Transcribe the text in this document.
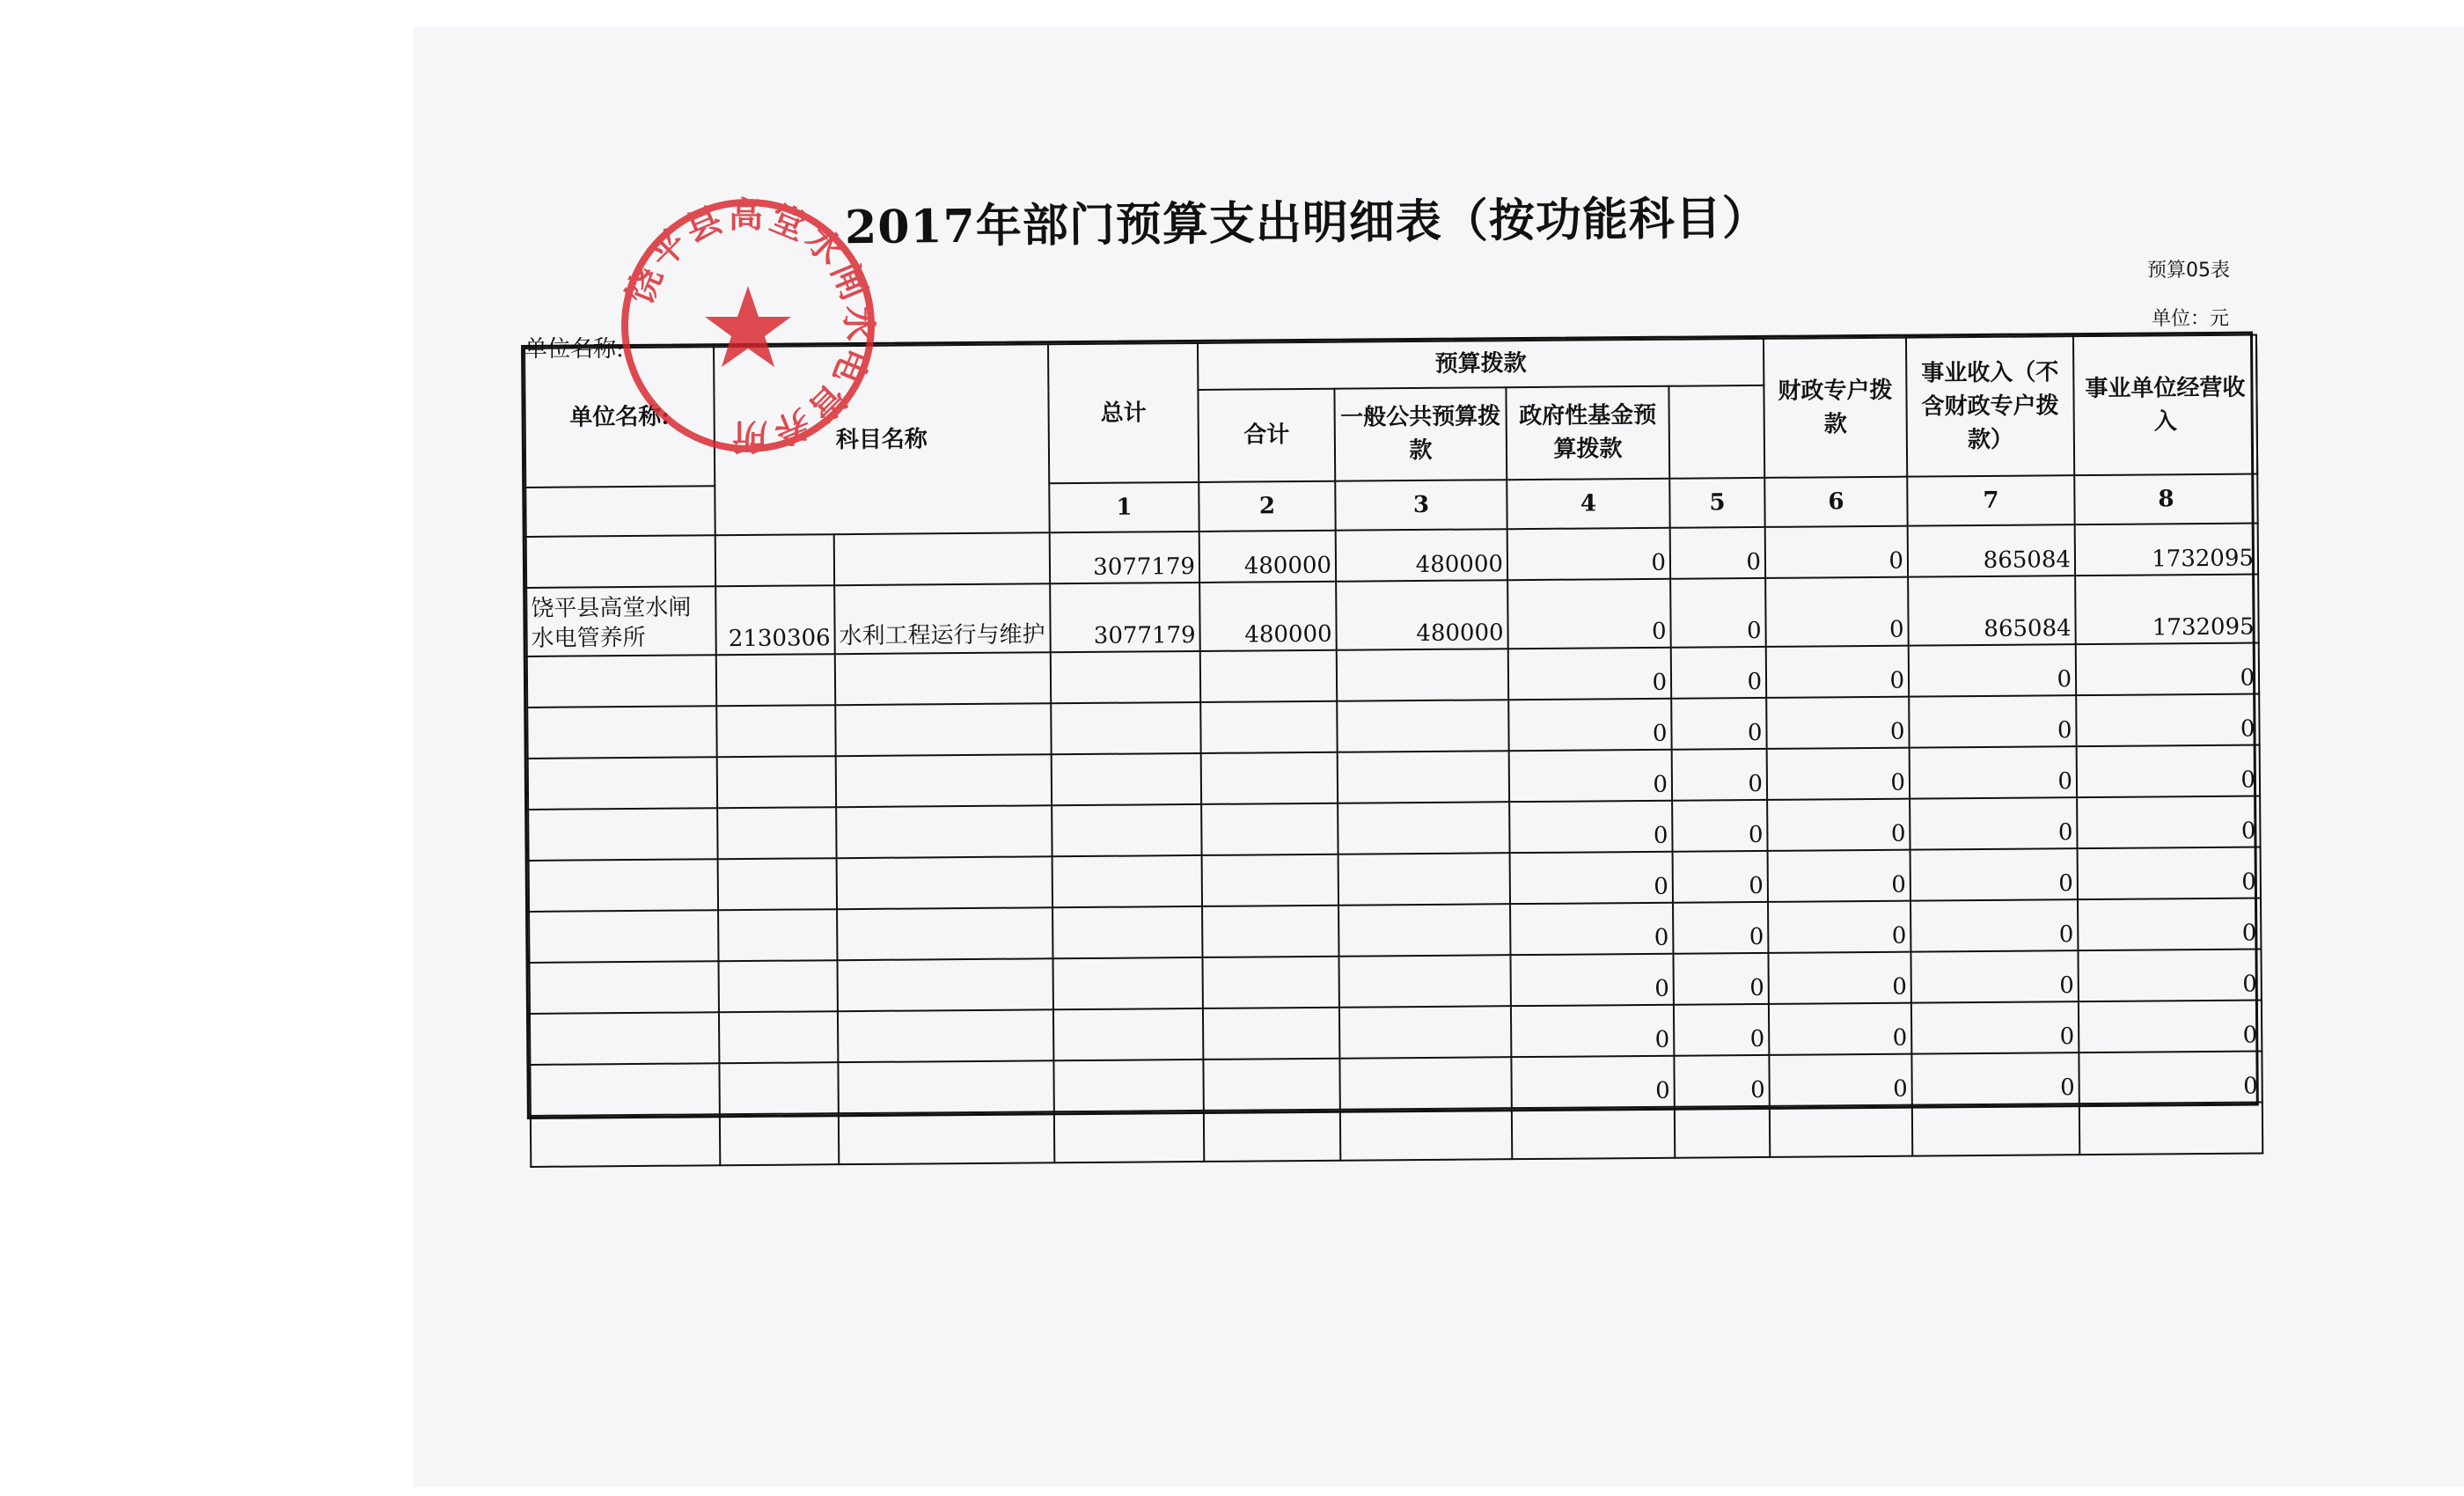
2017年部门预算支出明细表（按功能科目）
预算05表
单位：元
单位名称:
单位名称:	科目名称		总计	预算拨款				财政专户拨款	事业收入（不含财政专户拨款）	事业单位经营收入	
				合计	一般公共预算拨款	政府性基金预算拨款					
			1	2	3	4	5	6	7	8	
			3077179	480000	480000	0	0	0	865084	1732095	
饶平县高堂水闸水电管养所	2130306	水利工程运行与维护	3077179	480000	480000	0	0	0	865084	1732095	
						0	0	0	0	0	
						0	0	0	0	0	
						0	0	0	0	0	
						0	0	0	0	0	
						0	0	0	0	0	
						0	0	0	0	0	
						0	0	0	0	0	
						0	0	0	0	0	
						0	0	0	0	0	

饶平县高堂水闸水电管养所
